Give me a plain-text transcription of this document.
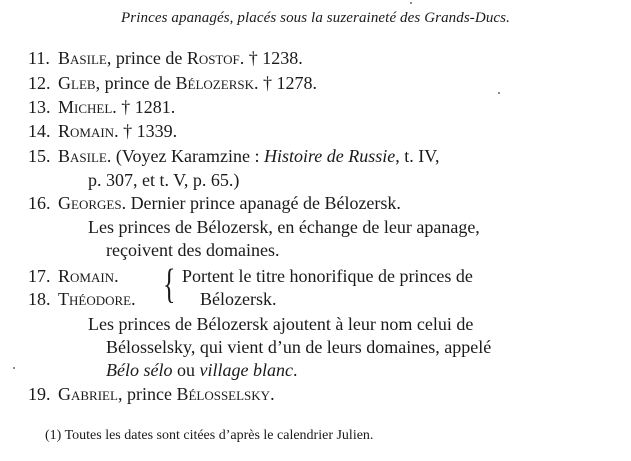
Princes apanagés, placés sous la suzeraineté des Grands-Ducs.
11. Basile, prince de Rostof. † 1238.
12. Gleb, prince de Bélozersk. † 1278.
13. Michel. † 1281.
14. Romain. † 1339.
15. Basile. (Voyez Karamzine : Histoire de Russie, t. IV,
p. 307, et t. V, p. 65.)
16. Georges. Dernier prince apanagé de Bélozersk.
Les princes de Bélozersk, en échange de leur apanage,
reçoivent des domaines.
17. Romain.
18. Théodore. { Portent le titre honorifique de princes de
Bélozersk.
Les princes de Bélozersk ajoutent à leur nom celui de
Bélosselsky, qui vient d’un de leurs domaines, appelé
Bélo sélo ou village blanc.
19. Gabriel, prince Bélosselsky.
(1) Toutes les dates sont citées d’après le calendrier Julien.
